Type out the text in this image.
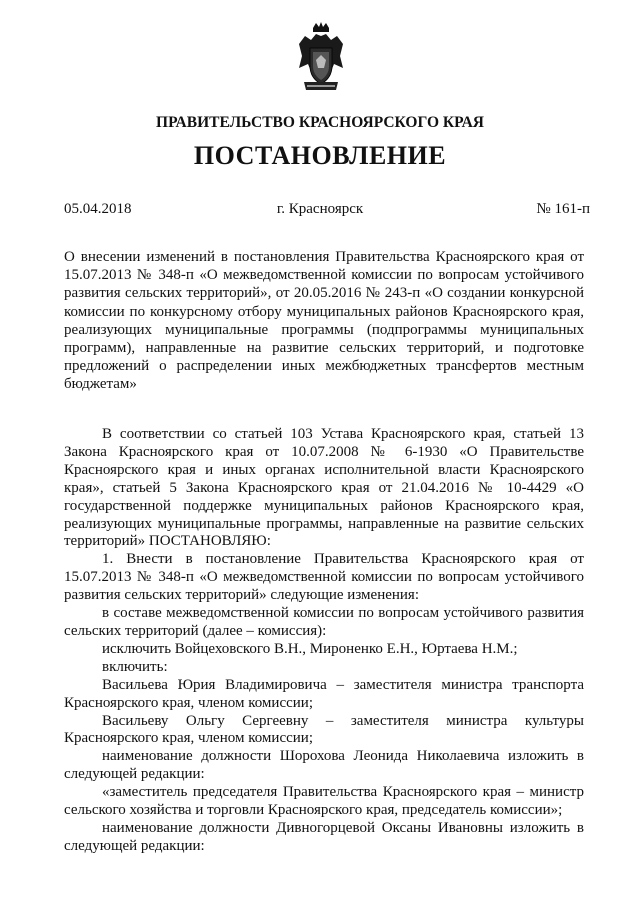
ПРАВИТЕЛЬСТВО КРАСНОЯРСКОГО КРАЯ
ПОСТАНОВЛЕНИЕ
05.04.2018	г. Красноярск	№ 161-п
О внесении изменений в постановления Правительства Красноярского края от 15.07.2013 № 348-п «О межведомственной комиссии по вопросам устойчивого развития сельских территорий», от 20.05.2016 № 243-п «О создании конкурсной комиссии по конкурсному отбору муниципальных районов Красноярского края, реализующих муниципальные программы (подпрограммы муниципальных программ), направленные на развитие сельских территорий, и подготовке предложений о распределении иных межбюджетных трансфертов местным бюджетам»

В соответствии со статьей 103 Устава Красноярского края, статьей 13 Закона Красноярского края от 10.07.2008 № 6-1930 «О Правительстве Красноярского края и иных органах исполнительной власти Красноярского края», статьей 5 Закона Красноярского края от 21.04.2016 № 10-4429 «О государственной поддержке муниципальных районов Красноярского края, реализующих муниципальные программы, направленные на развитие сельских территорий» ПОСТАНОВЛЯЮ:

1. Внести в постановление Правительства Красноярского края от 15.07.2013 № 348-п «О межведомственной комиссии по вопросам устойчивого развития сельских территорий» следующие изменения:

в составе межведомственной комиссии по вопросам устойчивого развития сельских территорий (далее – комиссия):

исключить Войцеховского В.Н., Мироненко Е.Н., Юртаева Н.М.;

включить:

Васильева Юрия Владимировича – заместителя министра транспорта Красноярского края, членом комиссии;

Васильеву Ольгу Сергеевну – заместителя министра культуры Красноярского края, членом комиссии;

наименование должности Шорохова Леонида Николаевича изложить в следующей редакции:

«заместитель председателя Правительства Красноярского края – министр сельского хозяйства и торговли Красноярского края, председатель комиссии»;

наименование должности Дивногорцевой Оксаны Ивановны изложить в следующей редакции:
